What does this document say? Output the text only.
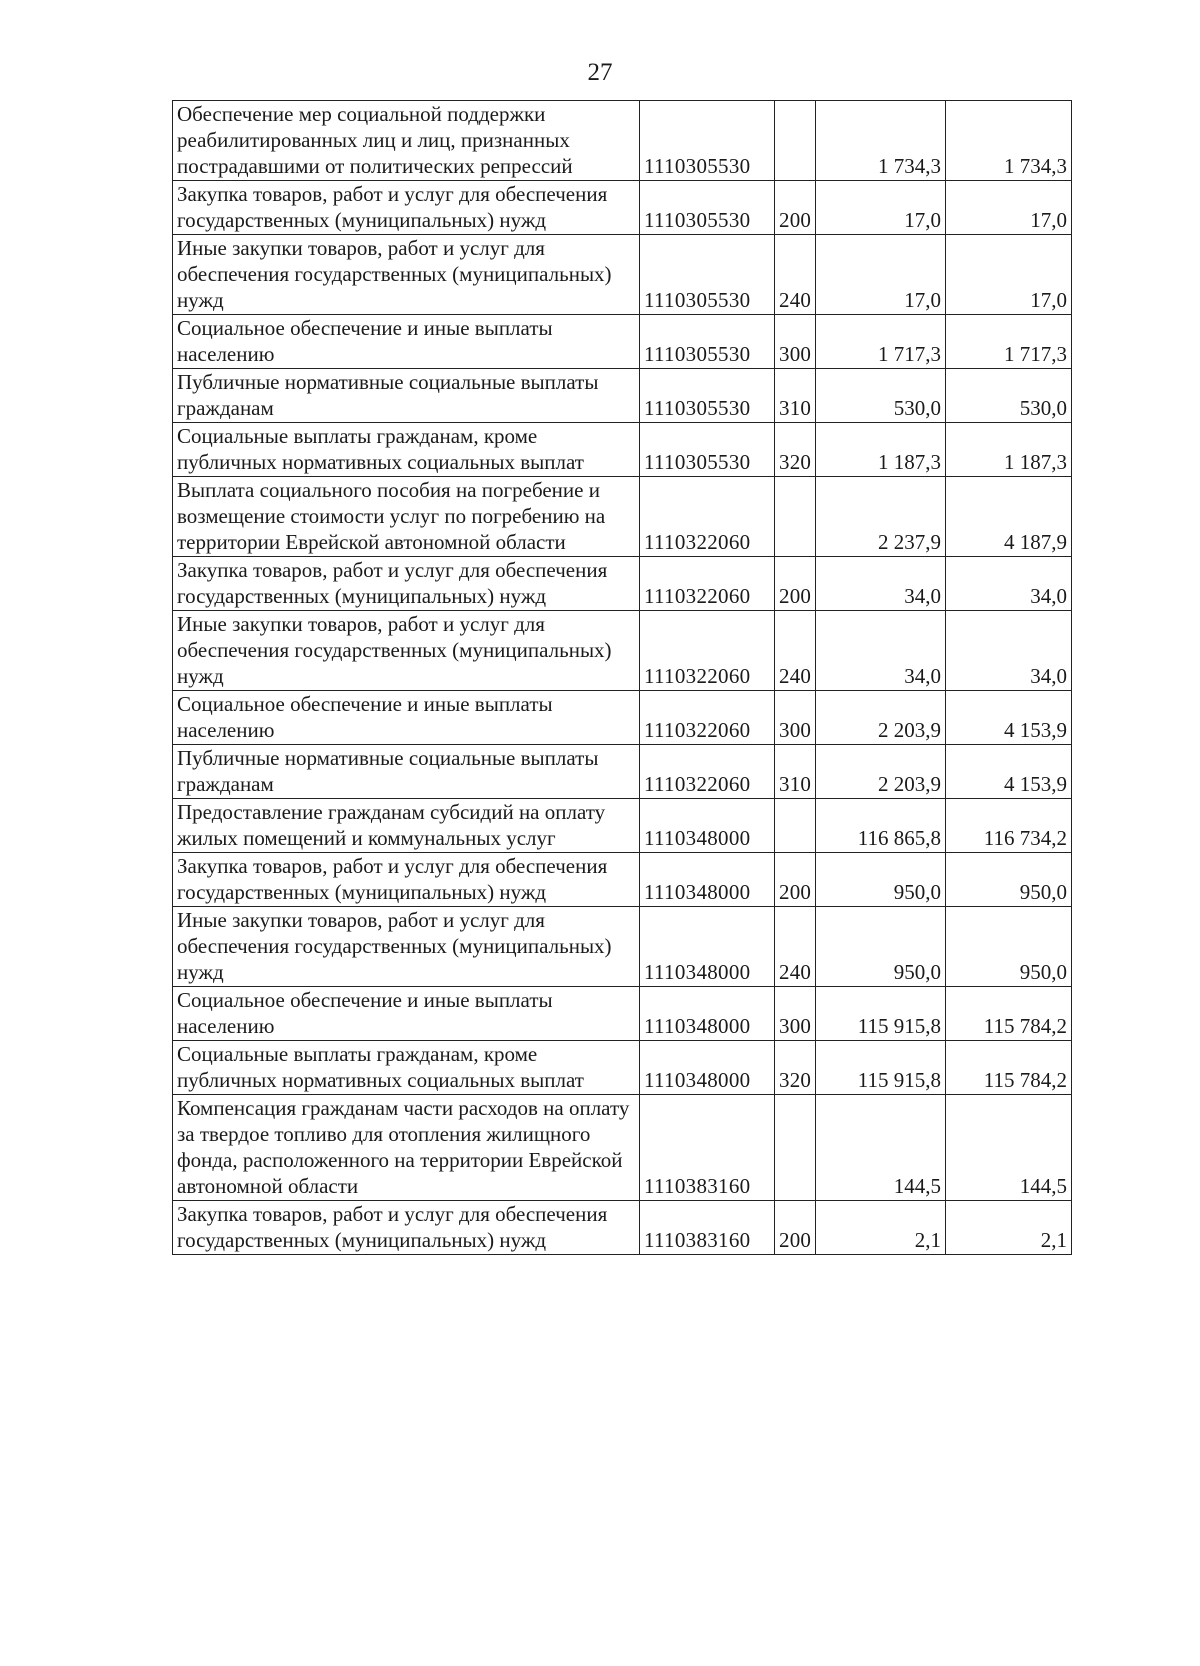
27
Обеспечение мер социальной поддержки реабилитированных лиц и лиц, признанных пострадавшими от политических репрессий	1110305530		1 734,3	1 734,3
Закупка товаров, работ и услуг для обеспечения государственных (муниципальных) нужд	1110305530	200	17,0	17,0
Иные закупки товаров, работ и услуг для обеспечения государственных (муниципальных) нужд	1110305530	240	17,0	17,0
Социальное обеспечение и иные выплаты населению	1110305530	300	1 717,3	1 717,3
Публичные нормативные социальные выплаты гражданам	1110305530	310	530,0	530,0
Социальные выплаты гражданам, кроме публичных нормативных социальных выплат	1110305530	320	1 187,3	1 187,3
Выплата социального пособия на погребение и возмещение стоимости услуг по погребению на территории Еврейской автономной области	1110322060		2 237,9	4 187,9
Закупка товаров, работ и услуг для обеспечения государственных (муниципальных) нужд	1110322060	200	34,0	34,0
Иные закупки товаров, работ и услуг для обеспечения государственных (муниципальных) нужд	1110322060	240	34,0	34,0
Социальное обеспечение и иные выплаты населению	1110322060	300	2 203,9	4 153,9
Публичные нормативные социальные выплаты гражданам	1110322060	310	2 203,9	4 153,9
Предоставление гражданам субсидий на оплату жилых помещений и коммунальных услуг	1110348000		116 865,8	116 734,2
Закупка товаров, работ и услуг для обеспечения государственных (муниципальных) нужд	1110348000	200	950,0	950,0
Иные закупки товаров, работ и услуг для обеспечения государственных (муниципальных) нужд	1110348000	240	950,0	950,0
Социальное обеспечение и иные выплаты населению	1110348000	300	115 915,8	115 784,2
Социальные выплаты гражданам, кроме публичных нормативных социальных выплат	1110348000	320	115 915,8	115 784,2
Компенсация гражданам части расходов на оплату за твердое топливо для отопления жилищного фонда, расположенного на территории Еврейской автономной области	1110383160		144,5	144,5
Закупка товаров, работ и услуг для обеспечения государственных (муниципальных) нужд	1110383160	200	2,1	2,1
